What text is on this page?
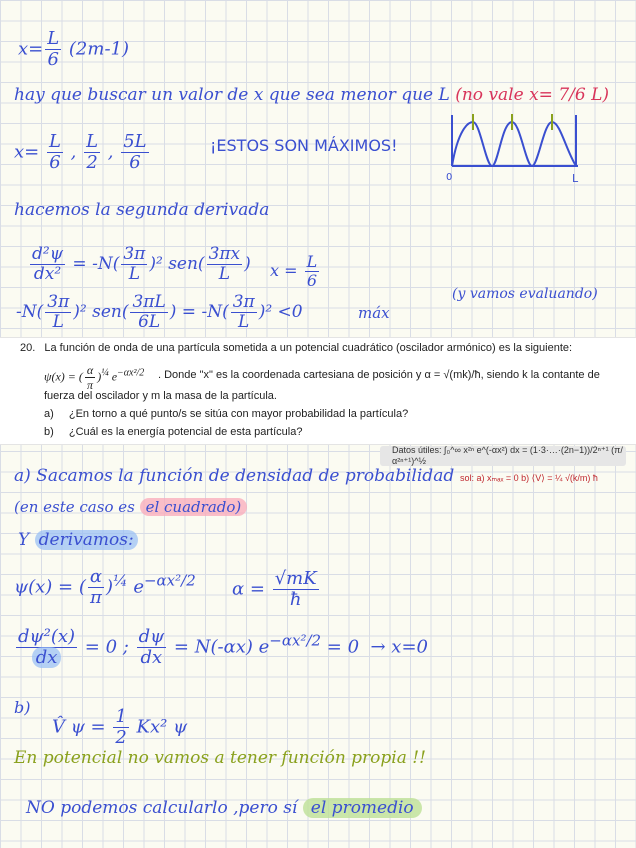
$x= \frac{L}{6} (2m-1)$
hay que buscar un valor de x que sea menor que L (no vale x= 7/6 L)
$x= \frac{L}{6}$ , $\frac{L}{2}$ , $\frac{5L}{6}$	¡ESTOS SON MÁXIMOS!
0	L
hacemos la segunda derivada
$\frac{\text{d²ψ}}{\text{dx²}} = -N( \frac{3\pi}{L} )^2$ $sen( \frac{3\pi x}{L}$ ) $x = \frac{L}{6}$
$-N( \frac{3\pi}{L} )^2$ $sen( \frac{3\pi L}{6L}$ ) = $-N( \frac{3\pi}{L} )^2 <0$	máx
(y vamos evaluando)
20. La función de onda de una partícula sometida a un potencial cuadrático (oscilador armónico) es la siguiente:
ψ(x) = ( $\frac{\alpha}{\pi} )^{\frac{1}{4}}$ $e^{-\alpha x^2/2}$ . Donde "x" es la coordenada cartesiana de posición y α = √(mk)/ħ, siendo k la contante de
fuerza del oscilador y m la masa de la partícula.
a) ¿En torno a qué punto/s se sitúa con mayor probabilidad la partícula?
b) ¿Cuál es la energía potencial de esta partícula?
Datos útiles: ∫₀^∞ x²ⁿ e^(-αx²) dx = (1·3·…·(2n−1))/2ⁿ⁺¹ (π/α²ⁿ⁺¹)^½
sol: a) xₘₐₓ = 0 b) ⟨V⟩ = ¼ √(k/m) ħ
a) Sacamos la función de densidad de probabilidad
(en este caso es el cuadrado)
Y derivamos:
ψ(x) = ( $\frac{\alpha}{\pi} )^{\frac{1}{4}}$ $e^{-\alpha x^2/2}$ $\alpha = \frac{√mK}{ħ}$
$\frac{\text{dψ²(x)}}{dx} = 0$ ; $\frac{d\psi}{dx} = N(-\alpha x) e^{-\alpha x^2/2} = 0 \to x=0$
b)
V̂ $\psi = \frac{1}{2} Kx^2$ ψ
En potencial no vamos a tener función propia !!
NO podemos calcularlo ,pero sí el promedio
